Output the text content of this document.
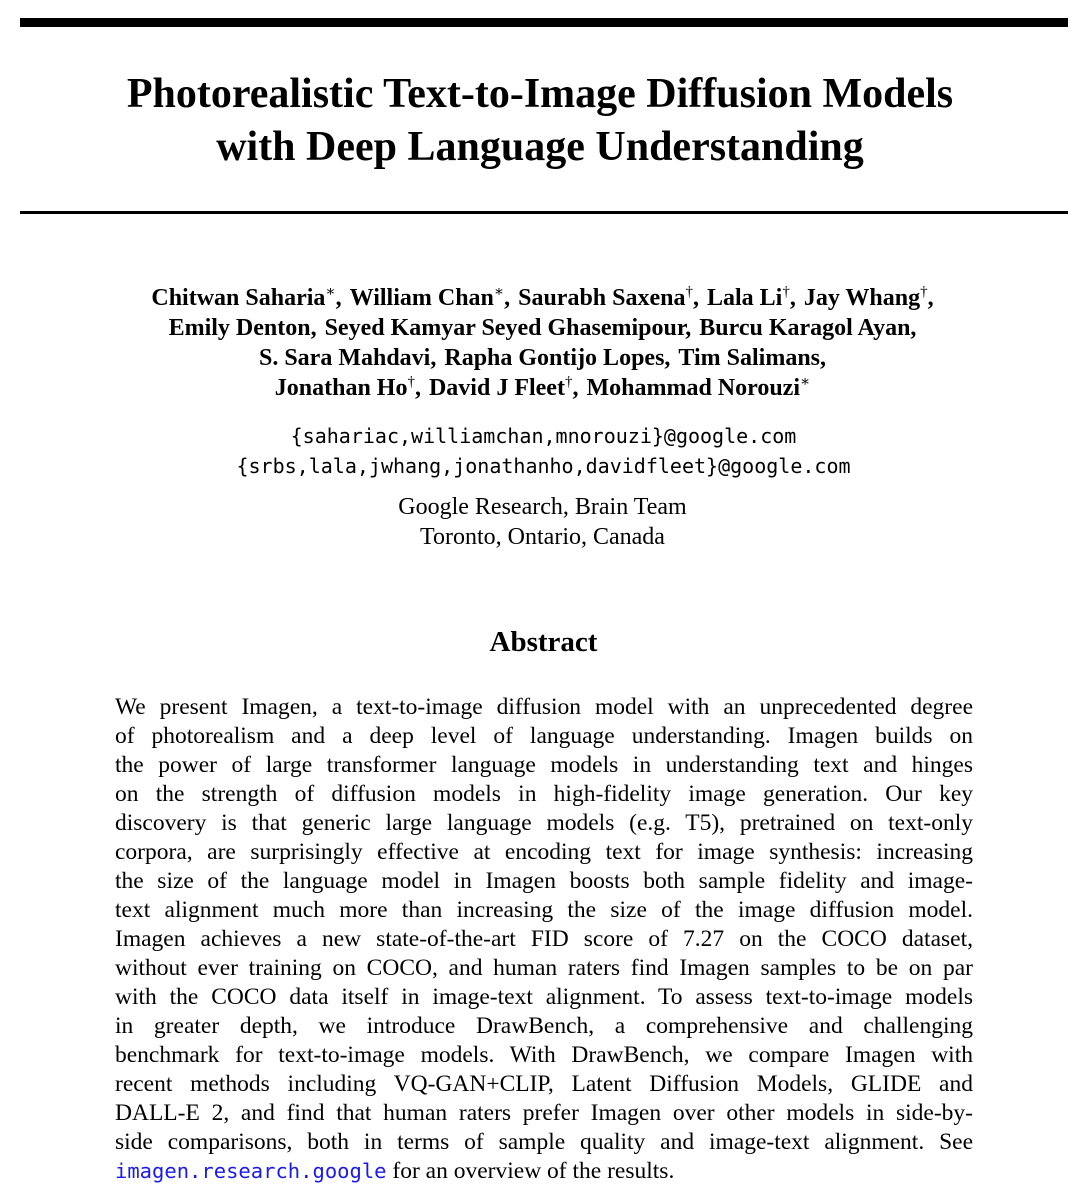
Photorealistic Text-to-Image Diffusion Models
with Deep Language Understanding
Chitwan Saharia∗, William Chan∗, Saurabh Saxena†, Lala Li†, Jay Whang†,
Emily Denton, Seyed Kamyar Seyed Ghasemipour, Burcu Karagol Ayan,
S. Sara Mahdavi, Rapha Gontijo Lopes, Tim Salimans,
Jonathan Ho†, David J Fleet†, Mohammad Norouzi∗
{sahariac,williamchan,mnorouzi}@google.com
{srbs,lala,jwhang,jonathanho,davidfleet}@google.com
Google Research, Brain Team
Toronto, Ontario, Canada
Abstract
We present Imagen, a text-to-image diffusion model with an unprecedented degree
of photorealism and a deep level of language understanding. Imagen builds on
the power of large transformer language models in understanding text and hinges
on the strength of diffusion models in high-fidelity image generation. Our key
discovery is that generic large language models (e.g. T5), pretrained on text-only
corpora, are surprisingly effective at encoding text for image synthesis: increasing
the size of the language model in Imagen boosts both sample fidelity and image-
text alignment much more than increasing the size of the image diffusion model.
Imagen achieves a new state-of-the-art FID score of 7.27 on the COCO dataset,
without ever training on COCO, and human raters find Imagen samples to be on par
with the COCO data itself in image-text alignment. To assess text-to-image models
in greater depth, we introduce DrawBench, a comprehensive and challenging
benchmark for text-to-image models. With DrawBench, we compare Imagen with
recent methods including VQ-GAN+CLIP, Latent Diffusion Models, GLIDE and
DALL-E 2, and find that human raters prefer Imagen over other models in side-by-
side comparisons, both in terms of sample quality and image-text alignment. See
imagen.research.google for an overview of the results.
